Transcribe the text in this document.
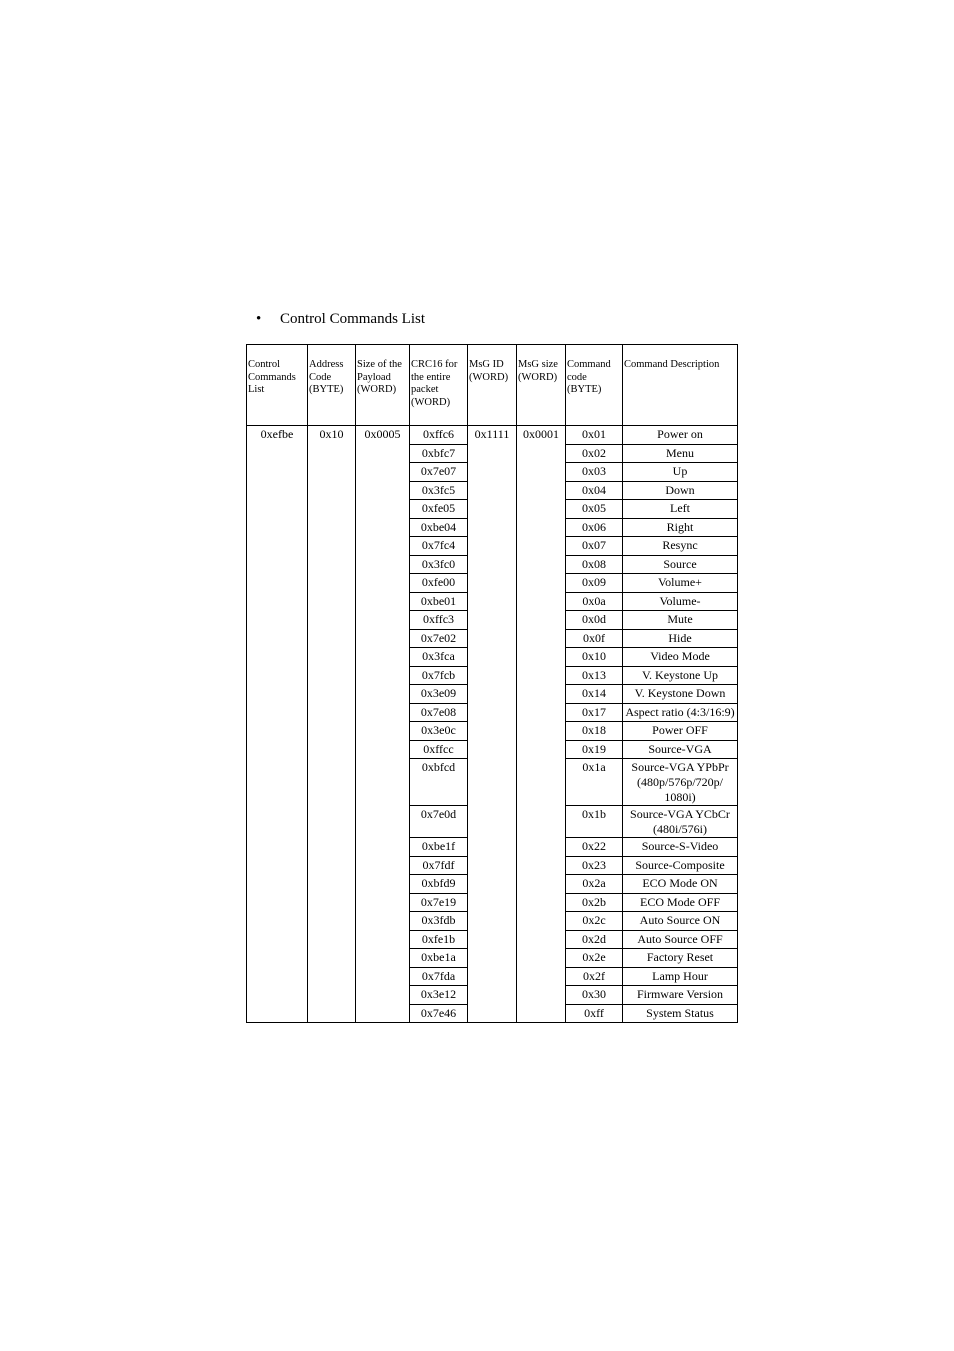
• Control Commands List
Control Commands List	Address Code (BYTE)	Size of the Payload (WORD)	CRC16 for the entire packet (WORD)	MsG ID (WORD)	MsG size (WORD)	Command code (BYTE)	Command Description
0xefbe	0x10	0x0005	0xffc6	0x1111	0x0001	0x01	Power on
			0xbfc7			0x02	Menu
			0x7e07			0x03	Up
			0x3fc5			0x04	Down
			0xfe05			0x05	Left
			0xbe04			0x06	Right
			0x7fc4			0x07	Resync
			0x3fc0			0x08	Source
			0xfe00			0x09	Volume+
			0xbe01			0x0a	Volume-
			0xffc3			0x0d	Mute
			0x7e02			0x0f	Hide
			0x3fca			0x10	Video Mode
			0x7fcb			0x13	V. Keystone Up
			0x3e09			0x14	V. Keystone Down
			0x7e08			0x17	Aspect ratio (4:3/16:9)
			0x3e0c			0x18	Power OFF
			0xffcc			0x19	Source-VGA
			0xbfcd			0x1a	Source-VGA YPbPr (480p/576p/720p/ 1080i)
			0x7e0d			0x1b	Source-VGA YCbCr (480i/576i)
			0xbe1f			0x22	Source-S-Video
			0x7fdf			0x23	Source-Composite
			0xbfd9			0x2a	ECO Mode ON
			0x7e19			0x2b	ECO Mode OFF
			0x3fdb			0x2c	Auto Source ON
			0xfe1b			0x2d	Auto Source OFF
			0xbe1a			0x2e	Factory Reset
			0x7fda			0x2f	Lamp Hour
			0x3e12			0x30	Firmware Version
			0x7e46			0xff	System Status
